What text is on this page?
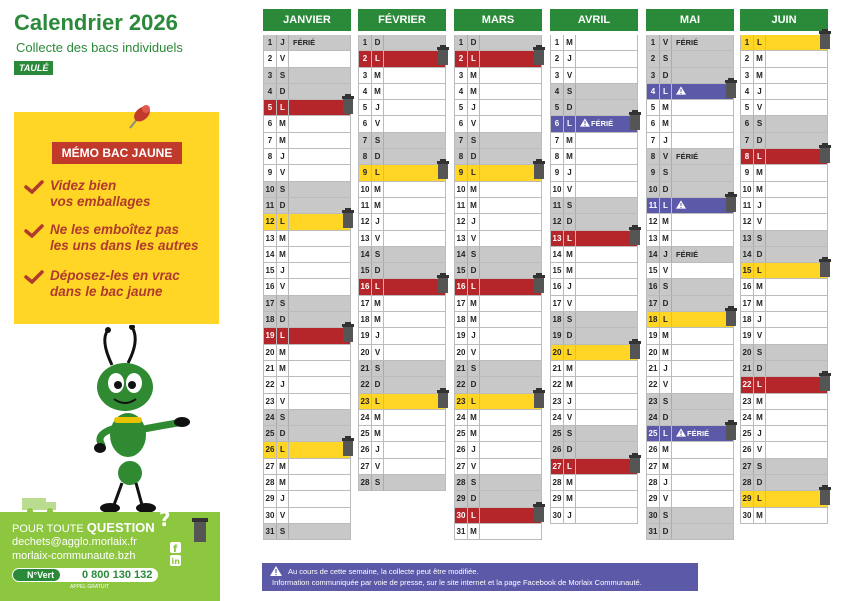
Calendrier 2026
Collecte des bacs individuels
TAULÉ
MÉMO BAC JAUNE
Videz bien
vos emballages
Ne les emboîtez pas
les uns dans les autres
Déposez-les en vrac
dans le bac jaune
POUR TOUTE QUESTION ?
dechets@agglo.morlaix.fr
morlaix-communaute.bzh
f
in
N°Vert	0 800 130 132
APPEL GRATUIT
JANVIER
1	J	FÉRIÉ
2 V
3 S
4 D
5 L
6 M
7 M
8	J
9 V
10 S
11 D
12 L
13 M
14 M
15 J
16 V
17 S
18 D
19 L
20 M
21 M
22 J
23 V
24 S
25 D
26 L
27 M
28 M
29 J
30 V
31 S
FÉVRIER
1 D
2 L
3 M
4 M
5	J
6 V
7 S
8 D
9 L
10 M
11 M
12 J
13 V
14 S
15 D
16 L
17 M
18 M
19 J
20 V
21 S
22 D
23 L
24 M
25 M
26 J
27 V
28 S
MARS
1 D
2 L
3 M
4 M
5	J
6 V
7 S
8 D
9 L
10 M
11 M
12 J
13 V
14 S
15 D
16 L
17 M
18 M
19 J
20 V
21 S
22 D
23 L
24 M
25 M
26 J
27 V
28 S
29 D
30 L
31 M
AVRIL
1 M
2	J
3 V
4 S
5 D
6 L	FÉRIÉ
7 M
8 M
9	J
10 V
11 S
12 D
13 L
14 M
15 M
16 J
17 V
18 S
19 D
20 L
21 M
22 M
23 J
24 V
25 S
26 D
27 L
28 M
29 M
30 J
MAI
1 V	FÉRIÉ
2 S
3 D
4 L
5 M
6 M
7	J
8 V	FÉRIÉ
9 S
10 D
11 L
12 M
13 M
14 J	FÉRIÉ
15 V
16 S
17 D
18 L
19 M
20 M
21 J
22 V
23 S
24 D
25 L	FÉRIÉ
26 M
27 M
28 J
29 V
30 S
31 D
JUIN
1 L
2 M
3 M
4	J
5 V
6 S
7 D
8 L
9 M
10 M
11 J
12 V
13 S
14 D
15 L
16 M
17 M
18 J
19 V
20 S
21 D
22 L
23 M
24 M
25 J
26 V
27 S
28 D
29 L
30 M
Au cours de cette semaine, la collecte peut être modifiée.
Information communiquée par voie de presse, sur le site internet et la page Facebook de Morlaix Communauté.
